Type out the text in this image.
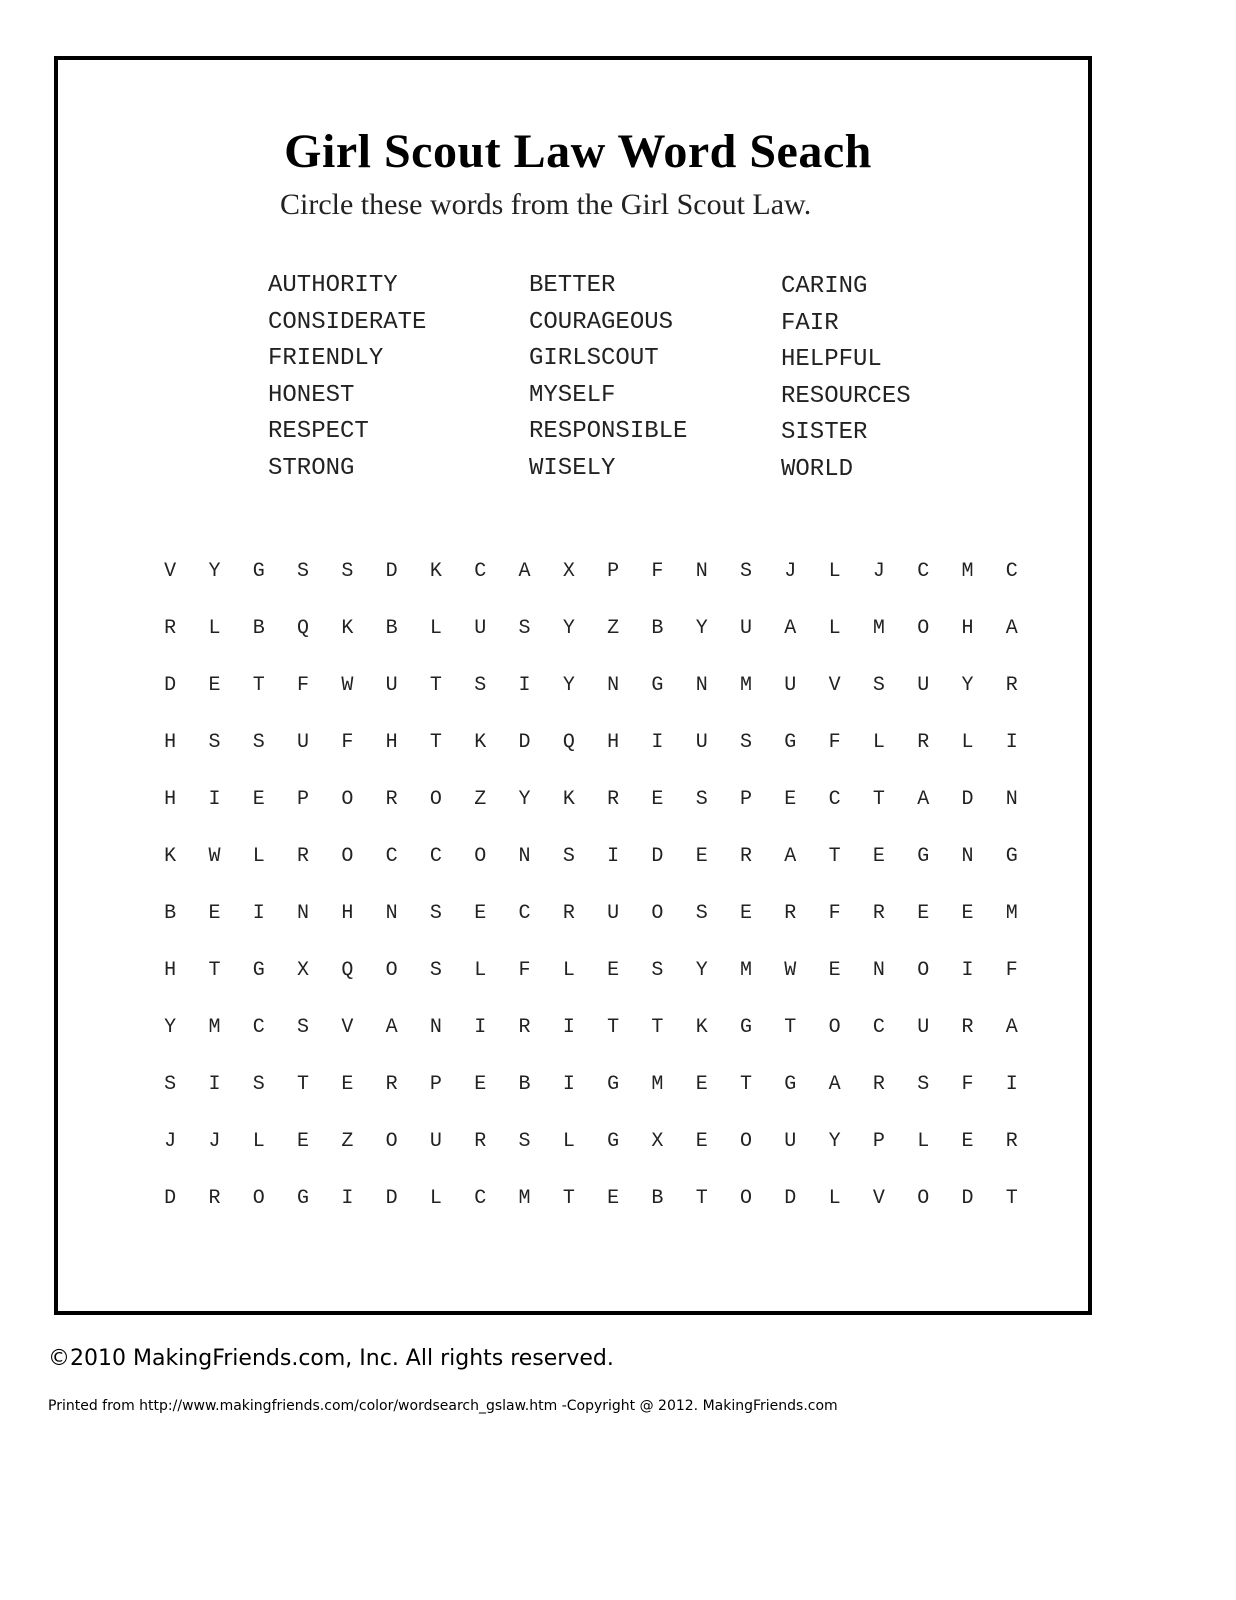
Girl Scout Law Word Seach
Circle these words from the Girl Scout Law.
AUTHORITY
CONSIDERATE
FRIENDLY
HONEST
RESPECT
STRONG
BETTER
COURAGEOUS
GIRLSCOUT
MYSELF
RESPONSIBLE
WISELY
CARING
FAIR
HELPFUL
RESOURCES
SISTER
WORLD
V	Y	G	S	S	D	K	C	A	X	P	F	N	S	J	L	J	C	M	C
R	L	B	Q	K	B	L	U	S	Y	Z	B	Y	U	A	L	M	O	H	A
D	E	T	F	W	U	T	S	I	Y	N	G	N	M	U	V	S	U	Y	R
H	S	S	U	F	H	T	K	D	Q	H	I	U	S	G	F	L	R	L	I
H	I	E	P	O	R	O	Z	Y	K	R	E	S	P	E	C	T	A	D	N
K	W	L	R	O	C	C	O	N	S	I	D	E	R	A	T	E	G	N	G
B	E	I	N	H	N	S	E	C	R	U	O	S	E	R	F	R	E	E	M
H	T	G	X	Q	O	S	L	F	L	E	S	Y	M	W	E	N	O	I	F
Y	M	C	S	V	A	N	I	R	I	T	T	K	G	T	O	C	U	R	A
S	I	S	T	E	R	P	E	B	I	G	M	E	T	G	A	R	S	F	I
J	J	L	E	Z	O	U	R	S	L	G	X	E	O	U	Y	P	L	E	R
D	R	O	G	I	D	L	C	M	T	E	B	T	O	D	L	V	O	D	T
©2010 MakingFriends.com, Inc. All rights reserved.
Printed from http://www.makingfriends.com/color/wordsearch_gslaw.htm -Copyright @ 2012. MakingFriends.com
